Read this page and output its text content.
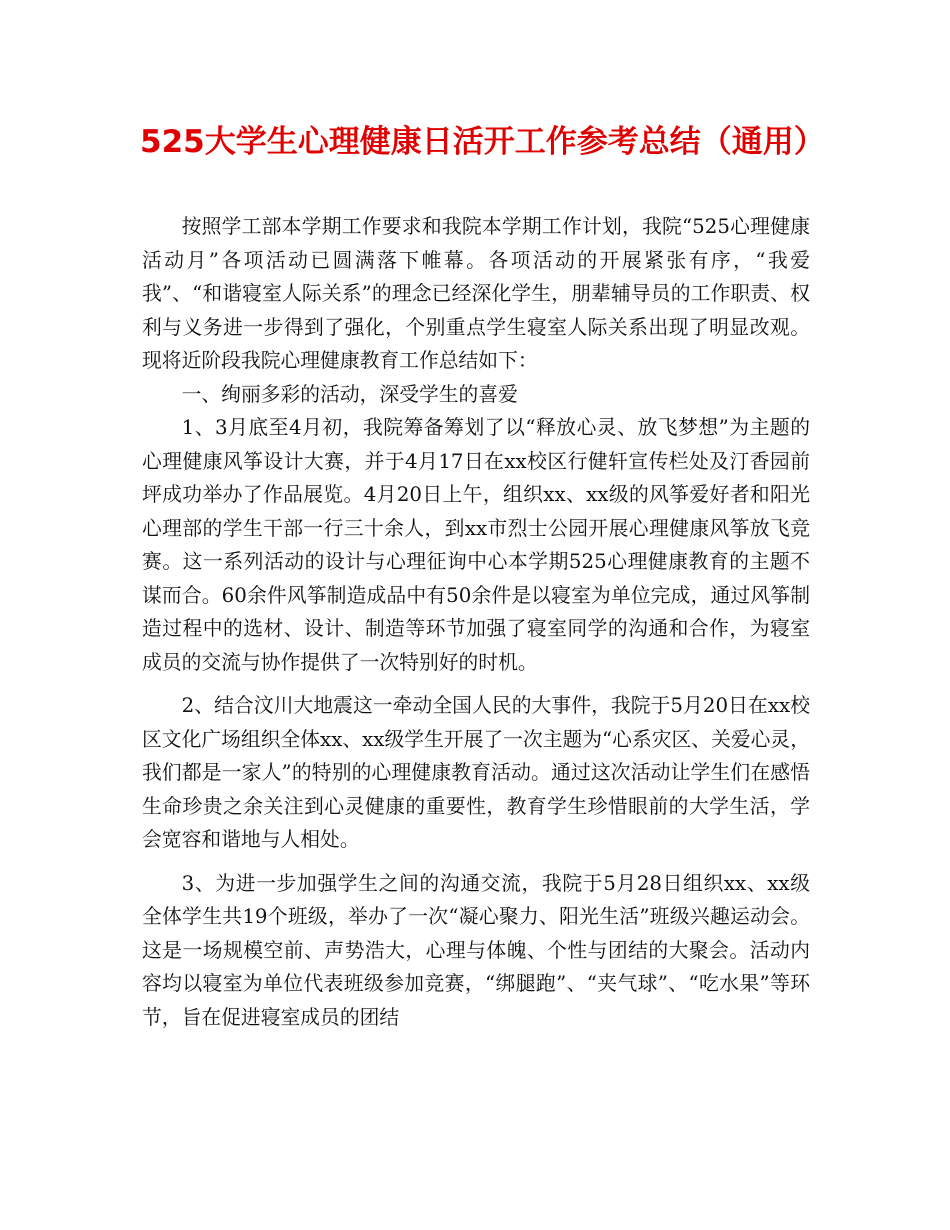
525大学生心理健康日活开工作参考总结（通用）

按照学工部本学期工作要求和我院本学期工作计划，我院“525心理健康活动月”各项活动已圆满落下帷幕。各项活动的开展紧张有序，“我爱我”、“和谐寝室人际关系”的理念已经深化学生，朋辈辅导员的工作职责、权利与义务进一步得到了强化，个别重点学生寝室人际关系出现了明显改观。现将近阶段我院心理健康教育工作总结如下：

一、绚丽多彩的活动，深受学生的喜爱

1、3月底至4月初，我院筹备筹划了以“释放心灵、放飞梦想”为主题的心理健康风筝设计大赛，并于4月17日在xx校区行健轩宣传栏处及汀香园前坪成功举办了作品展览。4月20日上午，组织xx、xx级的风筝爱好者和阳光心理部的学生干部一行三十余人，到xx市烈士公园开展心理健康风筝放飞竞赛。这一系列活动的设计与心理征询中心本学期525心理健康教育的主题不谋而合。60余件风筝制造成品中有50余件是以寝室为单位完成，通过风筝制造过程中的选材、设计、制造等环节加强了寝室同学的沟通和合作，为寝室成员的交流与协作提供了一次特别好的时机。

2、结合汶川大地震这一牵动全国人民的大事件，我院于5月20日在xx校区文化广场组织全体xx、xx级学生开展了一次主题为“心系灾区、关爱心灵，我们都是一家人”的特别的心理健康教育活动。通过这次活动让学生们在感悟生命珍贵之余关注到心灵健康的重要性，教育学生珍惜眼前的大学生活，学会宽容和谐地与人相处。

3、为进一步加强学生之间的沟通交流，我院于5月28日组织xx、xx级全体学生共19个班级，举办了一次“凝心聚力、阳光生活”班级兴趣运动会。这是一场规模空前、声势浩大，心理与体魄、个性与团结的大聚会。活动内容均以寝室为单位代表班级参加竞赛，“绑腿跑”、“夹气球”、“吃水果”等环节，旨在促进寝室成员的团结
